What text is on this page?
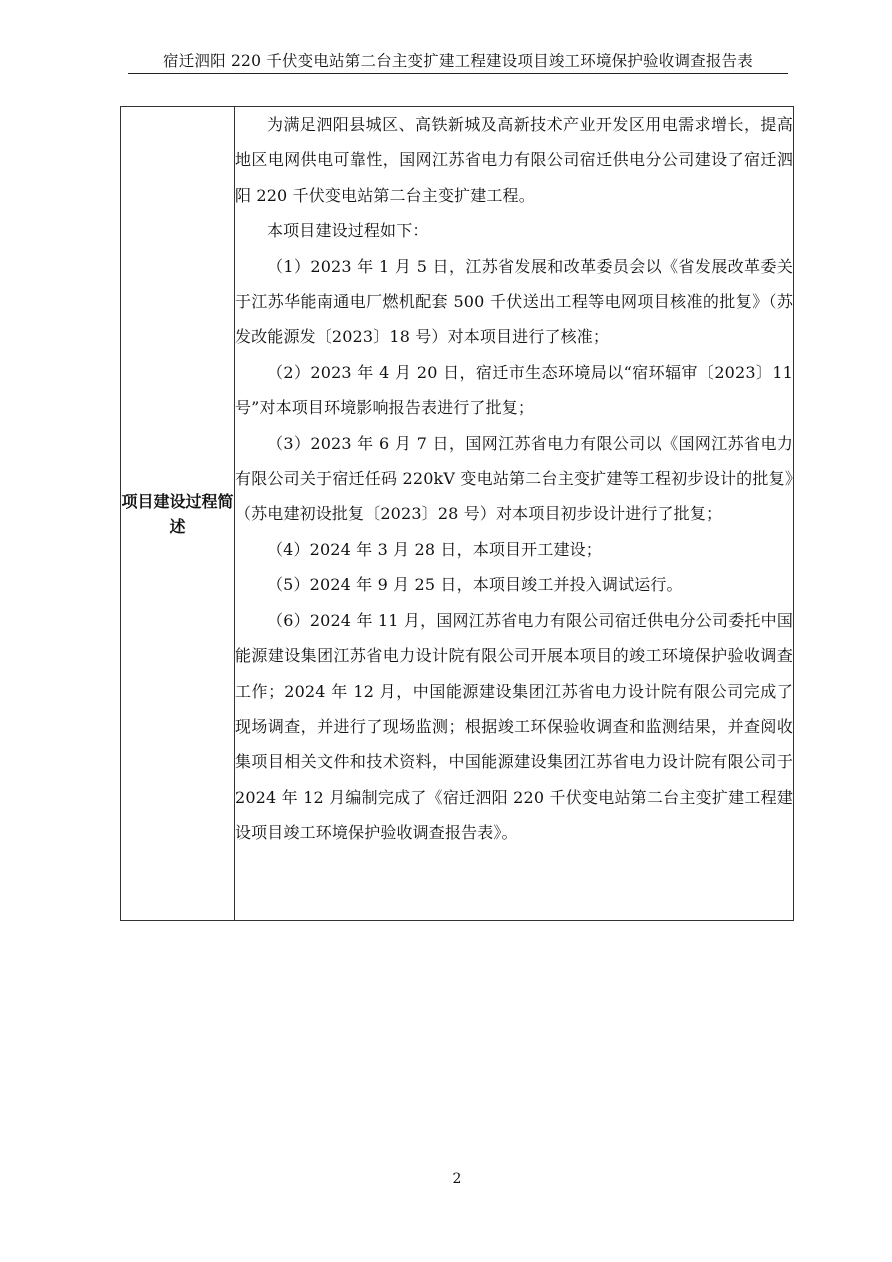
宿迁泗阳 220 千伏变电站第二台主变扩建工程建设项目竣工环境保护验收调查报告表
项目建设过程简述	

为满足泗阳县城区、高铁新城及高新技术产业开发区用电需求增长，提高地区电网供电可靠性，国网江苏省电力有限公司宿迁供电分公司建设了宿迁泗阳 220 千伏变电站第二台主变扩建工程。

本项目建设过程如下：

（1）2023 年 1 月 5 日，江苏省发展和改革委员会以《省发展改革委关于江苏华能南通电厂燃机配套 500 千伏送出工程等电网项目核准的批复》（苏发改能源发〔2023〕18 号）对本项目进行了核准；

（2）2023 年 4 月 20 日，宿迁市生态环境局以“宿环辐审〔2023〕11 号”对本项目环境影响报告表进行了批复；

（3）2023 年 6 月 7 日，国网江苏省电力有限公司以《国网江苏省电力有限公司关于宿迁任码 220kV 变电站第二台主变扩建等工程初步设计的批复》（苏电建初设批复〔2023〕28 号）对本项目初步设计进行了批复；

（4）2024 年 3 月 28 日，本项目开工建设；

（5）2024 年 9 月 25 日，本项目竣工并投入调试运行。

（6）2024 年 11 月，国网江苏省电力有限公司宿迁供电分公司委托中国能源建设集团江苏省电力设计院有限公司开展本项目的竣工环境保护验收调查工作；2024 年 12 月，中国能源建设集团江苏省电力设计院有限公司完成了现场调查，并进行了现场监测；根据竣工环保验收调查和监测结果，并查阅收集项目相关文件和技术资料，中国能源建设集团江苏省电力设计院有限公司于 2024 年 12 月编制完成了《宿迁泗阳 220 千伏变电站第二台主变扩建工程建设项目竣工环境保护验收调查报告表》。

2
